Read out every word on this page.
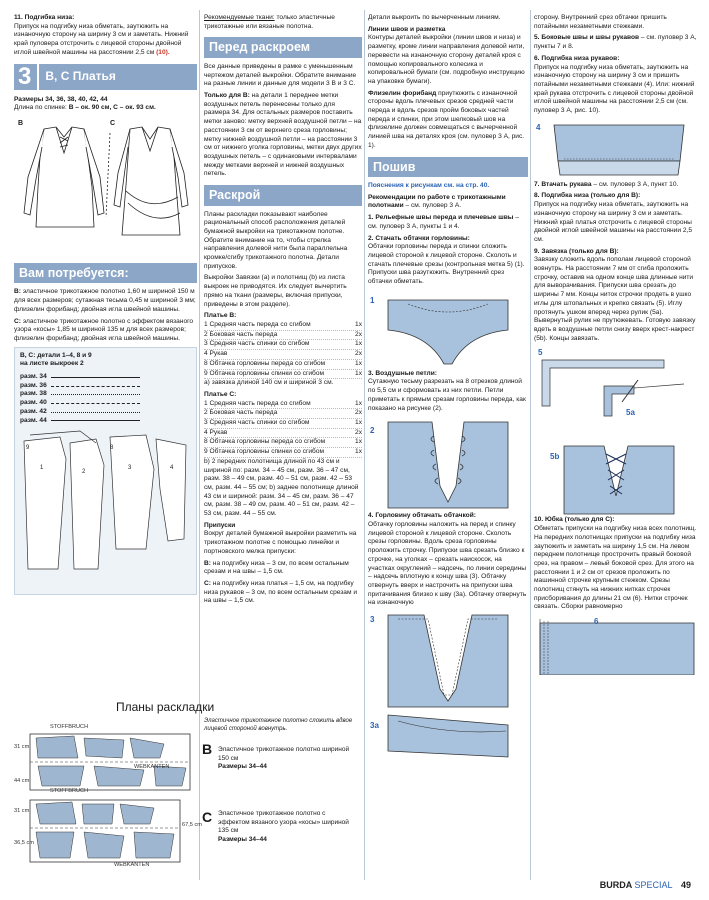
11. Подгибка низа:
Припуск на подгибку низа обметать, заутюжить на изнаночную сторону на ширину 3 см и заметать. Нижний край пуловера отстрочить с лицевой стороны двойной иглой швейной машины на расстоянии 2,5 см (10).
3	В, С Платья
Размеры 34, 36, 38, 40, 42, 44
Длина по спинке: В – ок. 90 см, С – ок. 93 см.
B	C
Вам потребуется:
B: эластичное трикотажное полотно 1,60 м шириной 150 м для всех размеров; сутажная тесьма 0,45 м шириной 3 мм; флизелин форибанд; двойная игла швейной машины.
C: эластичное трикотажное полотно с эффектом вязаного узора «косы» 1,85 м шириной 135 м для всех размеров; флизелин форибанд; двойная игла швейной машины.
B, C: детали 1–4, 8 и 9
на листе выкроек 2
разм. 34
разм. 36
разм. 38
разм. 40
разм. 42
разм. 44
1
2
3	4
9	8
Рекомендуемые ткани: только эластичные трикотажные или вязаные полотна.
Перед раскроем
Все данные приведены в рамке с уменьшенным чертежом деталей выкройки. Обратите внимание на разные линии и данные для модели 3 В и 3 С.
Только для В: на детали 1 переднее метки воздушных петель перенесены только для размера 34. Для остальных размеров поставить метки заново: метку верхней воздушной петли – на расстоянии 3 см от верхнего среза горловины; метку нижней воздушной петли – на расстоянии 3 см от нижнего уголка горловины, метки двух других воздушных петель – с одинаковыми интервалами между метками верхней и нижней воздушных петель.
Раскрой
Планы раскладки показывают наиболее рациональный способ расположения деталей бумажной выкройки на трикотажном полотне. Обратите внимание на то, чтобы стрелка направления долевой нити была параллельна кромке/сгибу трикотажного полотна. Детали припусков.
Выкройки Завязки (а) и полотнищ (b) из листа выкроек не приводятся. Их следует вычертить прямо на ткани (размеры, включая припуски, приведены в этом разделе).
Платье В:
1 Средняя часть переда со сгибом	1x
2 Боковая часть переда	2x
3 Средняя часть спинки со сгибом	1x
4 Рукав	2x
8 Обтачка горловины переда со сгибом	1x
9 Обтачка горловины спинки со сгибом	1x
a) завязка длиной 140 см и шириной 3 см.
Платье С:
1 Средняя часть переда со сгибом	1x
2 Боковая часть переда	2x
3 Средняя часть спинки со сгибом	1x
4 Рукав	2x
8 Обтачка горловины переда со сгибом	1x
9 Обтачка горловины спинки со сгибом	1x
b) 2 передних полотнища длиной по 43 см и шириной по: разм. 34 – 45 см, разм. 36 – 47 см, разм. 38 – 49 см, разм. 40 – 51 см, разм. 42 – 53 см, разм. 44 – 55 см; b) заднее полотнище длиной 43 см и шириной: разм. 34 – 45 см, разм. 36 – 47 см, разм. 38 – 49 см, разм. 40 – 51 см, разм. 42 – 53 см, разм. 44 – 55 см.
Припуски
Вокруг деталей бумажной выкройки разметить на трикотажном полотне с помощью линейки и портновского мелка припуски:
B: на подгибку низа – 3 см, по всем остальным срезам и на швы – 1,5 см.
C: на подгибку низа платья – 1,5 см, на подгибку низа рукавов – 3 см, по всем остальным срезам и на швы – 1,5 см.
Планы раскладки
Эластичное трикотажное полотно сложить вдвое лицевой стороной вовнутрь.
STOFFBRUCH
WEBKANTEN
31 cm
44 cm
B Эластичное трикотажное полотно шириной 150 см
Размеры 34–44
STOFFBRUCH
WEBKANTEN
31 cm
36,5 cm
67,5 cm C Эластичное трикотажное полотно с эффектом вязаного узора «косы» шириной 135 см
Размеры 34–44
Детали выкроить по вычерченным линиям.
Линии швов и разметка
Контуры деталей выкройки (линии швов и низа) и разметку, кроме линии направления долевой нити, перевести на изнаночную сторону деталей кроя с помощью копировального колесика и копировальной бумаги (см. подробную инструкцию на упаковке бумаги).
Флизелин форибанд приутюжить с изнаночной стороны вдоль плечевых срезов средней части переда и вдоль срезов пройм боковых частей переда и спинки, при этом шелковый шов на флизелине должен совмещаться с вычерченной линией шва на деталях кроя (см. пуловер 3 А, рис. 1).
Пошив
Пояснения к рисункам см. на стр. 40.
Рекомендации по работе с трикотажными полотнами – см. пуловер 3 А.
1. Рельефные швы переда и плечевые швы – см. пуловер 3 А, пункты 1 и 4.
2. Стачать обтачки горловины:
Обтачки горловины переда и спинки сложить лицевой стороной к лицевой стороне. Сколоть и стачать плечевые срезы (контрольная метка 5) (1). Припуски шва разутюжить. Внутренний срез обтачки обметать.
1
3. Воздушные петли:
Сутажную тесьму разрезать на 8 отрезков длиной по 5,5 см и сформовать из них петли. Петли приметать к прямым срезам горловины переда, как показано на рисунке (2).
2
4. Горловину обтачать обтачкой:
Обтачку горловины наложить на перед и спинку лицевой стороной к лицевой стороне. Сколоть срезы горловины. Вдоль среза горловины проложить строчку. Припуски шва срезать близко к строчке, на уголках – срезать наискосок, на участках округлений – надсечь, по линии середины – надсечь вплотную к концу шва (3). Обтачку отвернуть вверх и настрочить на припуски шва притачивания близко к шву (3а). Обтачку отвернуть на изнаночную
3
3a
сторону. Внутренний срез обтачки пришить потайными незаметными стежками.
5. Боковые швы и швы рукавов – см. пуловер 3 А, пункты 7 и 8.
6. Подгибка низа рукавов:
Припуск на подгибку низа обметать, заутюжить на изнаночную сторону на ширину 3 см и пришить потайными незаметными стежками (4). Или: нижний край рукава отстрочить с лицевой стороны двойной иглой швейной машины на расстоянии 2,5 см (см. пуловер 3 А, рис. 10).
4
7. Втачать рукава – см. пуловер 3 А, пункт 10.
8. Подгибка низа (только для В):
Припуск на подгибку низа обметать, заутюжить на изнаночную сторону на ширину 3 см и заметать. Нижний край платья отстрочить с лицевой стороны двойной иглой швейной машины на расстоянии 2,5 см.
9. Завязка (только для В):
Завязку сложить вдоль пополам лицевой стороной вовнутрь. На расстоянии 7 мм от сгиба проложить строчку, оставив на одном конце шва длинные нити для выворачивания. Припуски шва срезать до ширины 7 мм. Концы ниток строчки продеть в ушко иглы для штопальных и крепко связать (5). Иглу протянуть ушком вперед через рулик (5а). Вывернутый рулик не прутюжевать. Готовую завязку вдеть в воздушные петли снизу вверх крест-накрест (5b). Концы завязать.
5
5a
5b
10. Юбка (только для С):
Обметать припуски на подгибку низа всех полотнищ. На передних полотнищах припуски на подгибку низа заутюжить и заметать на ширину 1,5 см. На левом переднем полотнище прострочить правый боковой срез, на правом – левый боковой срез. Для этого на расстоянии 1 и 2 см от срезов проложить по машинной строчке крупным стежком. Срезы полотнищ стянуть на нижних нитках строчек присборивания до длины 21 см (6). Нитки строчек связать. Сборки равномерно
6
BURDA SPECIAL 49
